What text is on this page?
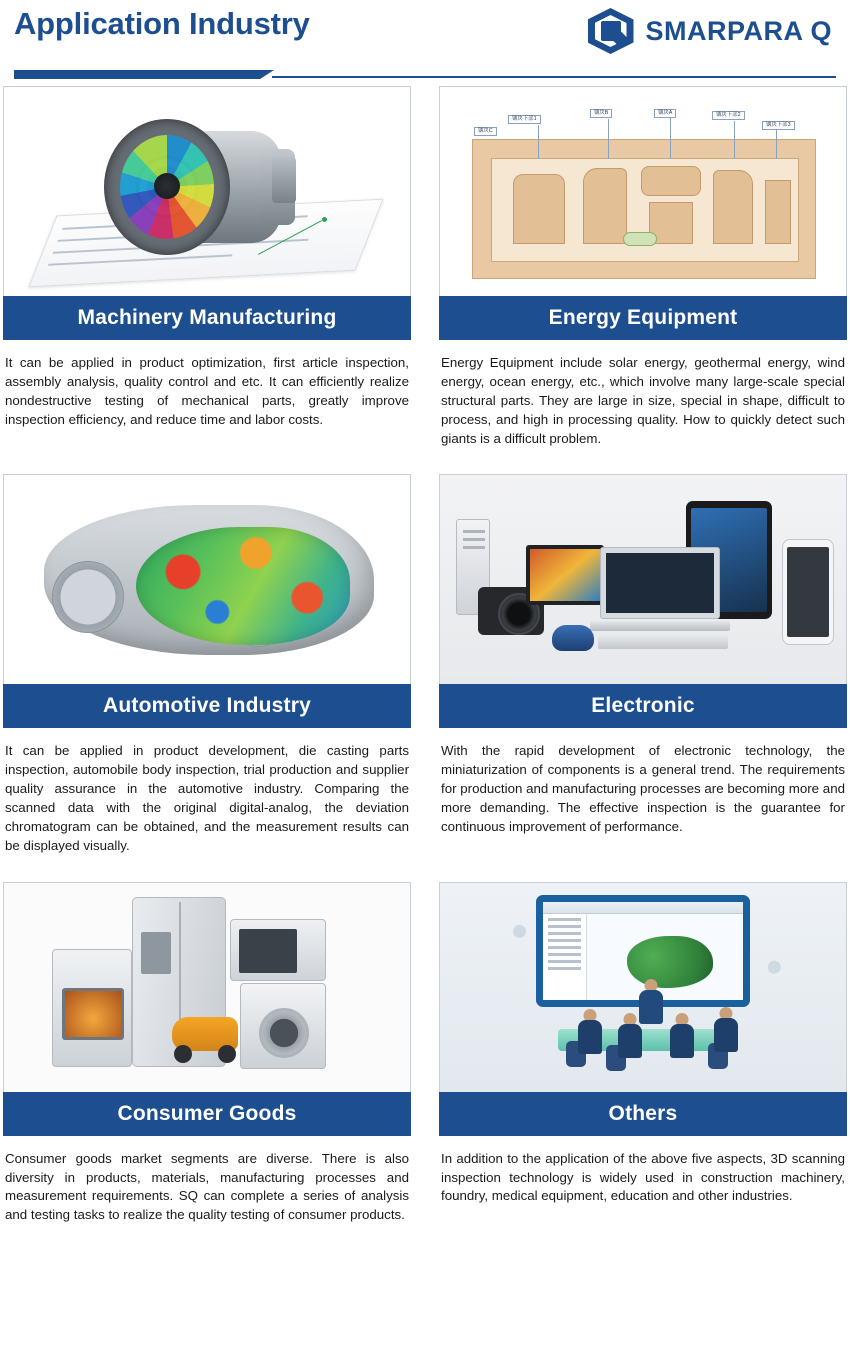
Application Industry	SMARPARA Q
Machinery Manufacturing
It can be applied in product optimization, first article inspection, assembly analysis, quality control and etc. It can efficiently realize nondestructive testing of mechanical parts, greatly improve inspection efficiency, and reduce time and labor costs.
镶块下部1
镶块B	镶块A	镶块下部2
镶块C
镶块下部3
Energy Equipment
Energy Equipment include solar energy, geothermal energy, wind energy, ocean energy, etc., which involve many large-scale special structural parts. They are large in size, special in shape, difficult to process, and high in processing quality. How to quickly detect such giants is a difficult problem.
Automotive Industry
It can be applied in product development, die casting parts inspection, automobile body inspection, trial production and supplier quality assurance in the automotive industry. Comparing the scanned data with the original digital-analog, the deviation chromatogram can be obtained, and the measurement results can be displayed visually.
Electronic
With the rapid development of electronic technology, the miniaturization of components is a general trend. The requirements for production and manufacturing processes are becoming more and more demanding. The effective inspection is the guarantee for continuous improvement of performance.
Consumer Goods
Consumer goods market segments are diverse. There is also diversity in products, materials, manufacturing processes and measurement requirements. SQ can complete a series of analysis and testing tasks to realize the quality testing of consumer products.
Others
In addition to the application of the above five aspects, 3D scanning inspection technology is widely used in construction machinery, foundry, medical equipment, education and other industries.
